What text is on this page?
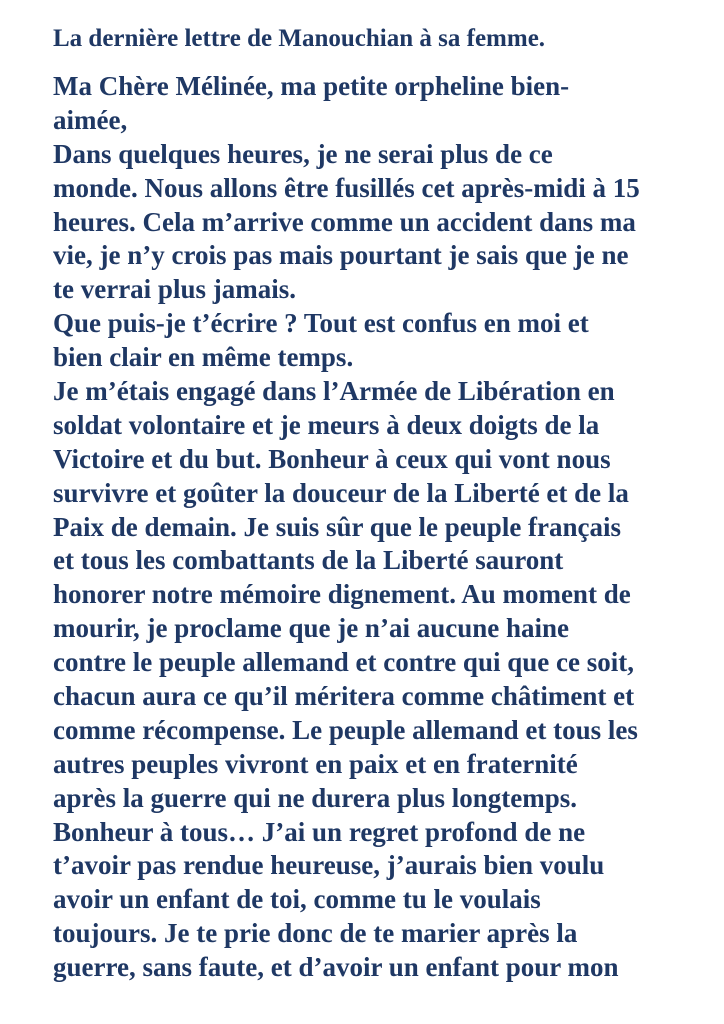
La dernière lettre de Manouchian à sa femme.
Ma Chère Mélinée, ma petite orpheline bien-
aimée,
Dans quelques heures, je ne serai plus de ce
monde. Nous allons être fusillés cet après-midi à 15
heures. Cela m’arrive comme un accident dans ma
vie, je n’y crois pas mais pourtant je sais que je ne
te verrai plus jamais.
Que puis-je t’écrire ? Tout est confus en moi et
bien clair en même temps.
Je m’étais engagé dans l’Armée de Libération en
soldat volontaire et je meurs à deux doigts de la
Victoire et du but. Bonheur à ceux qui vont nous
survivre et goûter la douceur de la Liberté et de la
Paix de demain. Je suis sûr que le peuple français
et tous les combattants de la Liberté sauront
honorer notre mémoire dignement. Au moment de
mourir, je proclame que je n’ai aucune haine
contre le peuple allemand et contre qui que ce soit,
chacun aura ce qu’il méritera comme châtiment et
comme récompense. Le peuple allemand et tous les
autres peuples vivront en paix et en fraternité
après la guerre qui ne durera plus longtemps.
Bonheur à tous… J’ai un regret profond de ne
t’avoir pas rendue heureuse, j’aurais bien voulu
avoir un enfant de toi, comme tu le voulais
toujours. Je te prie donc de te marier après la
guerre, sans faute, et d’avoir un enfant pour mon
